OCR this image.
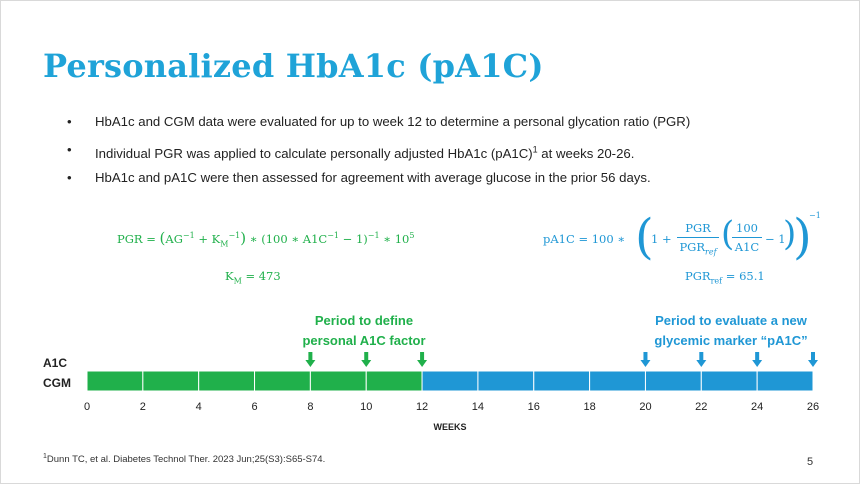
Personalized HbA1c (pA1C)
• HbA1c and CGM data were evaluated for up to week 12 to determine a personal glycation ratio (PGR)
• Individual PGR was applied to calculate personally adjusted HbA1c $(pA1C)^1$ at weeks 20-26.
• HbA1c and pA1C were then assessed for agreement with average glucose in the prior 56 days.
PGR = $(AG^{-1} + K_M^{-1})$ ∗ (100 ∗ $A1C^{-1} - 1)^{-1}$ ∗ $10^5$
$K_M = 473$
pA1C = 100 ∗ (
1 +
PGR
$PGR_{ref}$ ( 100
A1C
− 1
)
)
−1
$PGR_{ref} = 65.1$
Period to define
personal A1C factor
Period to evaluate a new
glycemic marker “pA1C”
A1C
CGM
0	2	4	6	8	10	12	14	16	18	20	22	24	26
WEEKS
$^1$Dunn TC, et al. Diabetes Technol Ther. 2023 Jun;25(S3):S65-S74.	5
